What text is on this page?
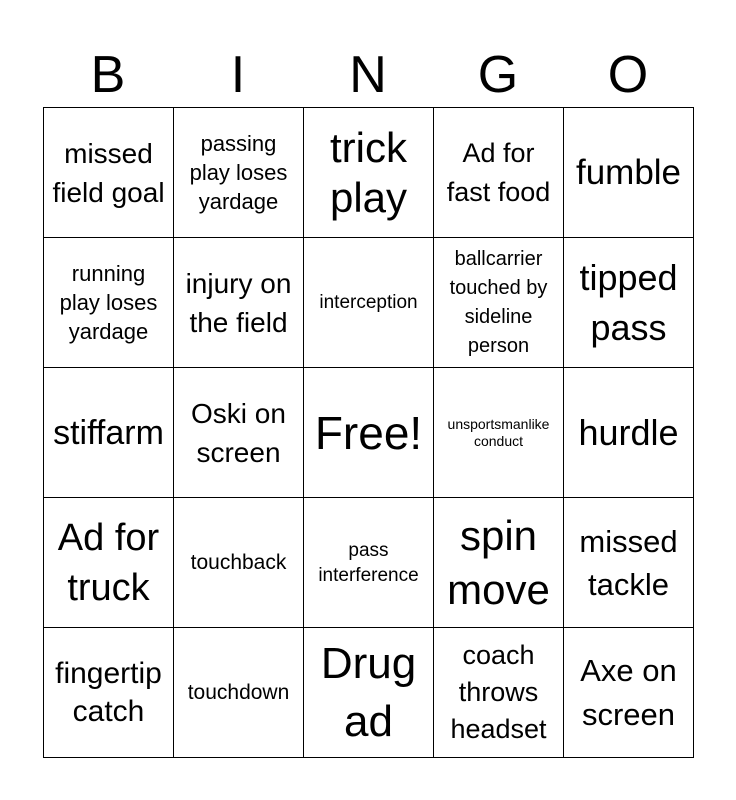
B	I	N	G	O
missed field goal	passing play loses yardage	trick play	Ad for fast food	fumble
running play loses yardage	injury on the field	interception	ballcarrier touched by sideline person	tipped pass
stiffarm	Oski on screen	Free!	unsportsmanlike conduct	hurdle
Ad for truck	touchback	pass interference	spin move	missed tackle
fingertip catch	touchdown	Drug ad	coach throws headset	Axe on screen
